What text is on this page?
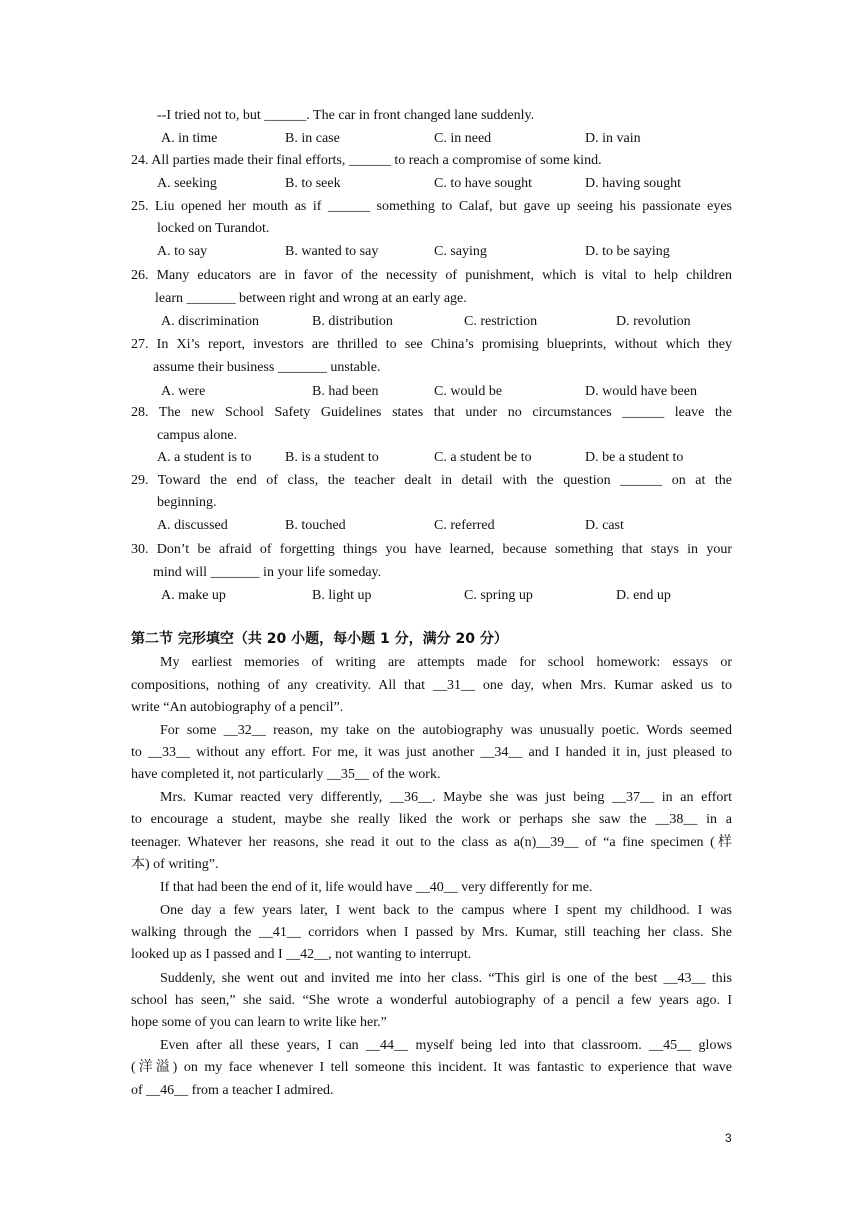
--I tried not to, but ______. The car in front changed lane suddenly.
A. in time	B. in case	C. in need	D. in vain
24. All parties made their final efforts, ______ to reach a compromise of some kind.
A. seeking	B. to seek	C. to have sought	D. having sought
25. Liu opened her mouth as if ______ something to Calaf, but gave up seeing his passionate eyes
locked on Turandot.
A. to say	B. wanted to say	C. saying	D. to be saying
26. Many educators are in favor of the necessity of punishment, which is vital to help children
learn _______ between right and wrong at an early age.
A. discrimination	B. distribution	C. restriction	D. revolution
27. In Xi’s report, investors are thrilled to see China’s promising blueprints, without which they
assume their business _______ unstable.
A. were	B. had been	C. would be	D. would have been
28. The new School Safety Guidelines states that under no circumstances ______ leave the
campus alone.
A. a student is to B. is a student to	C. a student be to	D. be a student to
29. Toward the end of class, the teacher dealt in detail with the question ______ on at the
beginning.
A. discussed	B. touched	C. referred	D. cast
30. Don’t be afraid of forgetting things you have learned, because something that stays in your
mind will _______ in your life someday.
A. make up	B. light up	C. spring up	D. end up
第二节 完形填空（共 20 小题，每小题 1 分，满分 20 分）
My earliest memories of writing are attempts made for school homework: essays or
compositions, nothing of any creativity. All that __31__ one day, when Mrs. Kumar asked us to
write “An autobiography of a pencil”.
For some __32__ reason, my take on the autobiography was unusually poetic. Words seemed
to __33__ without any effort. For me, it was just another __34__ and I handed it in, just pleased to
have completed it, not particularly __35__ of the work.
Mrs. Kumar reacted very differently, __36__. Maybe she was just being __37__ in an effort
to encourage a student, maybe she really liked the work or perhaps she saw the __38__ in a
teenager. Whatever her reasons, she read it out to the class as a(n)__39__ of “a fine specimen (样
本) of writing”.
If that had been the end of it, life would have __40__ very differently for me.
One day a few years later, I went back to the campus where I spent my childhood. I was
walking through the __41__ corridors when I passed by Mrs. Kumar, still teaching her class. She
looked up as I passed and I __42__, not wanting to interrupt.
Suddenly, she went out and invited me into her class. “This girl is one of the best __43__ this
school has seen,” she said. “She wrote a wonderful autobiography of a pencil a few years ago. I
hope some of you can learn to write like her.”
Even after all these years, I can __44__ myself being led into that classroom. __45__ glows
(洋溢) on my face whenever I tell someone this incident. It was fantastic to experience that wave
of __46__ from a teacher I admired.
3
